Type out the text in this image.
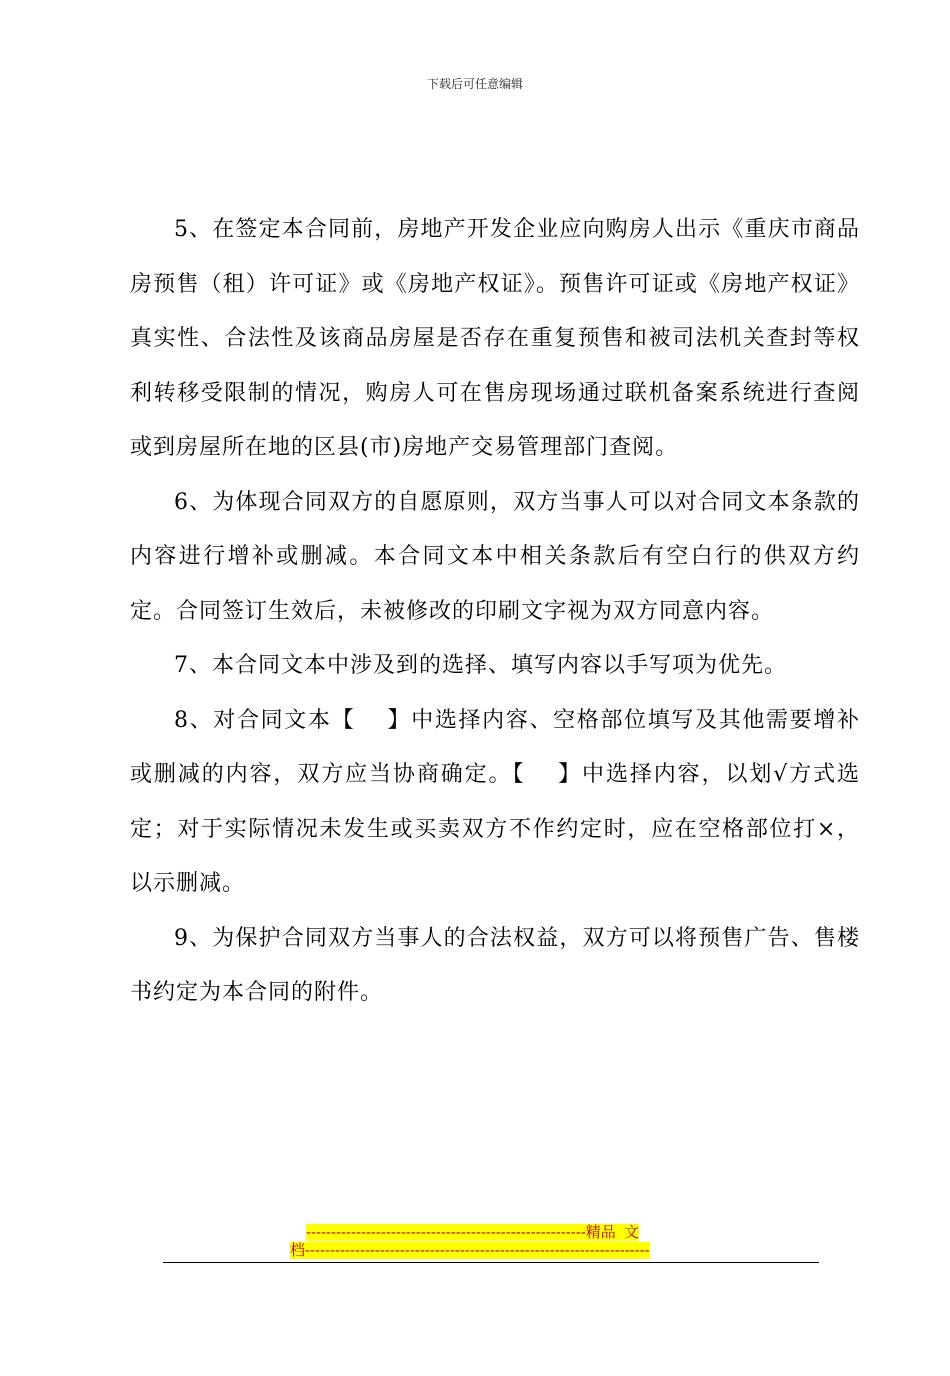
下载后可任意编辑

5、在签定本合同前，房地产开发企业应向购房人出示《重庆市商品房预售（租）许可证》或《房地产权证》。预售许可证或《房地产权证》真实性、合法性及该商品房屋是否存在重复预售和被司法机关查封等权利转移受限制的情况，购房人可在售房现场通过联机备案系统进行查阅或到房屋所在地的区县(市)房地产交易管理部门查阅。

6、为体现合同双方的自愿原则，双方当事人可以对合同文本条款的内容进行增补或删减。本合同文本中相关条款后有空白行的供双方约定。合同签订生效后，未被修改的印刷文字视为双方同意内容。

7、本合同文本中涉及到的选择、填写内容以手写项为优先。

8、对合同文本【　 】中选择内容、空格部位填写及其他需要增补或删减的内容，双方应当协商确定。【　 】中选择内容，以划√方式选定；对于实际情况未发生或买卖双方不作约定时，应在空格部位打×，以示删减。

9、为保护合同双方当事人的合法权益，双方可以将预售广告、售楼书约定为本合同的附件。

--------------------------------------------------------精品  文
档---------------------------------------------------------------------
